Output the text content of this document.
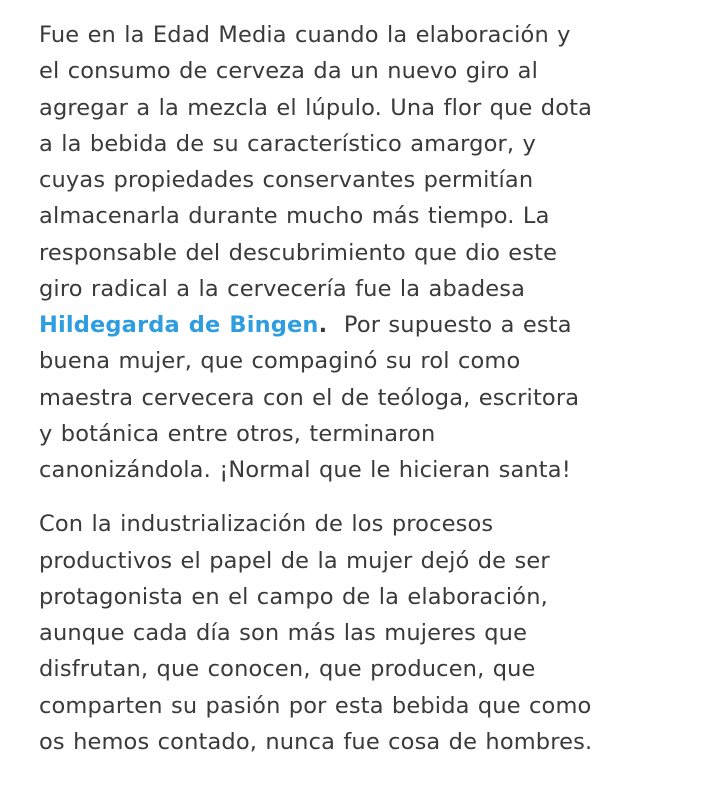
Fue en la Edad Media cuando la elaboración y
el consumo de cerveza da un nuevo giro al
agregar a la mezcla el lúpulo. Una flor que dota
a la bebida de su característico amargor, y
cuyas propiedades conservantes permitían
almacenarla durante mucho más tiempo. La
responsable del descubrimiento que dio este
giro radical a la cervecería fue la abadesa
Hildegarda de Bingen.  Por supuesto a esta
buena mujer, que compaginó su rol como
maestra cervecera con el de teóloga, escritora
y botánica entre otros, terminaron
canonizándola. ¡Normal que le hicieran santa!

Con la industrialización de los procesos
productivos el papel de la mujer dejó de ser
protagonista en el campo de la elaboración,
aunque cada día son más las mujeres que
disfrutan, que conocen, que producen, que
comparten su pasión por esta bebida que como
os hemos contado, nunca fue cosa de hombres.
